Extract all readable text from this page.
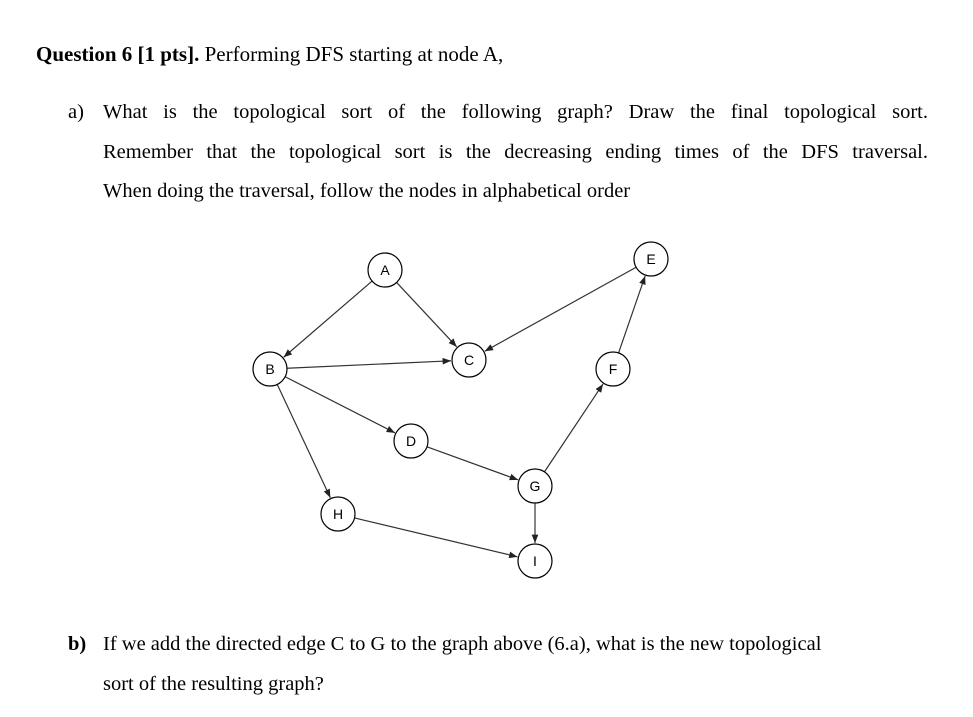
Question 6 [1 pts]. Performing DFS starting at node A,
a) What is the topological sort of the following graph? Draw the final topological sort.
Remember that the topological sort is the decreasing ending times of the DFS traversal.
When doing the traversal, follow the nodes in alphabetical order
A
B
C
D
E
F
G
H
I
b) If we add the directed edge C to G to the graph above (6.a), what is the new topological
sort of the resulting graph?
